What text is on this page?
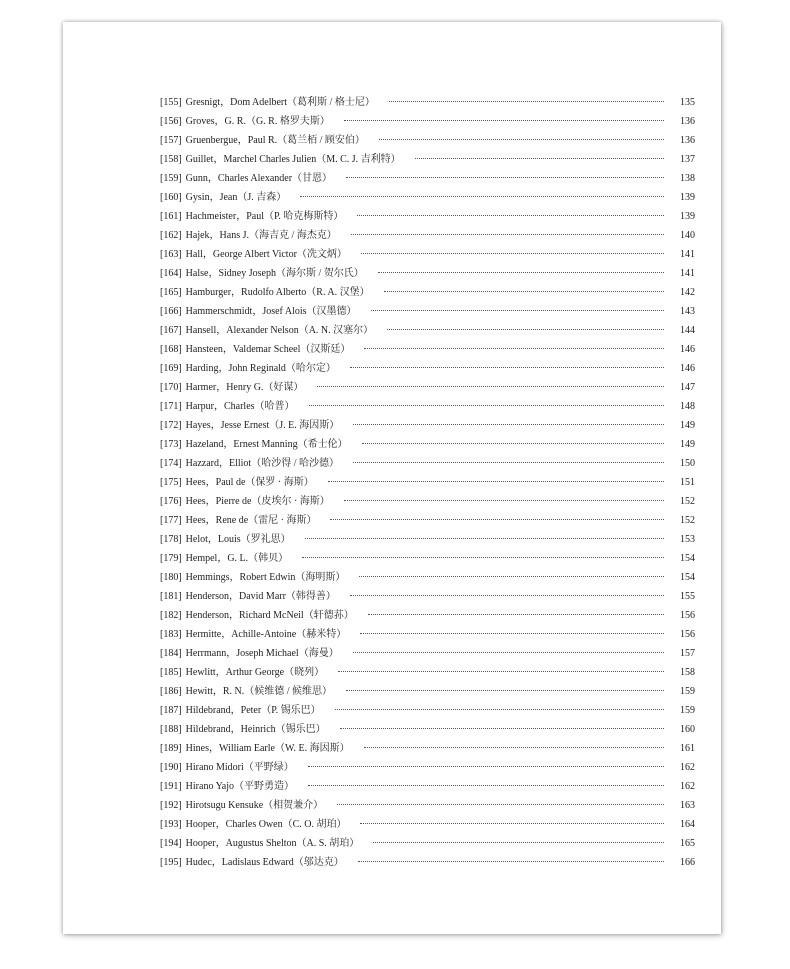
[155] Gresnigt，Dom Adelbert（葛利斯 / 格士尼）	135
[156] Groves，G. R.（G. R. 格罗夫斯）	136
[157] Gruenbergue，Paul R.（葛兰栢 / 顾安伯）	136
[158] Guillet，Marchel Charles Julien（M. C. J. 吉利特）	137
[159] Gunn，Charles Alexander（甘恩）	138
[160] Gysin，Jean（J. 吉森）	139
[161] Hachmeister，Paul（P. 哈克梅斯特）	139
[162] Hajek，Hans J.（海吉克 / 海杰克）	140
[163] Hall，George Albert Victor（冼文炳）	141
[164] Halse，Sidney Joseph（海尔斯 / 贺尔氏）	141
[165] Hamburger，Rudolfo Alberto（R. A. 汉堡）	142
[166] Hammerschmidt，Josef Alois（汉墨德）	143
[167] Hansell，Alexander Nelson（A. N. 汉塞尔）	144
[168] Hansteen，Valdemar Scheel（汉斯廷）	146
[169] Harding，John Reginald（哈尔定）	146
[170] Harmer，Henry G.（好谋）	147
[171] Harpur，Charles（哈普）	148
[172] Hayes，Jesse Ernest（J. E. 海因斯）	149
[173] Hazeland，Ernest Manning（希士伦）	149
[174] Hazzard，Elliot（哈沙得 / 哈沙德）	150
[175] Hees，Paul de（保罗 · 海斯）	151
[176] Hees，Pierre de（皮埃尔 · 海斯）	152
[177] Hees，Rene de（雷尼 · 海斯）	152
[178] Helot，Louis（罗礼思）	153
[179] Hempel，G. L.（韩贝）	154
[180] Hemmings，Robert Edwin（海明斯）	154
[181] Henderson，David Marr（韩得善）	155
[182] Henderson，Richard McNeil（轩德荪）	156
[183] Hermitte，Achille-Antoine（赫米特）	156
[184] Herrmann，Joseph Michael（海曼）	157
[185] Hewlitt，Arthur George（晓列）	158
[186] Hewitt，R. N.（候维德 / 候维思）	159
[187] Hildebrand，Peter（P. 锡乐巴）	159
[188] Hildebrand，Heinrich（锡乐巴）	160
[189] Hines，William Earle（W. E. 海因斯）	161
[190] Hirano Midori（平野绿）	162
[191] Hirano Yajo（平野勇造）	162
[192] Hirotsugu Kensuke（相贺兼介）	163
[193] Hooper，Charles Owen（C. O. 胡珀）	164
[194] Hooper，Augustus Shelton（A. S. 胡珀）	165
[195] Hudec，Ladislaus Edward（邬达克）	166
